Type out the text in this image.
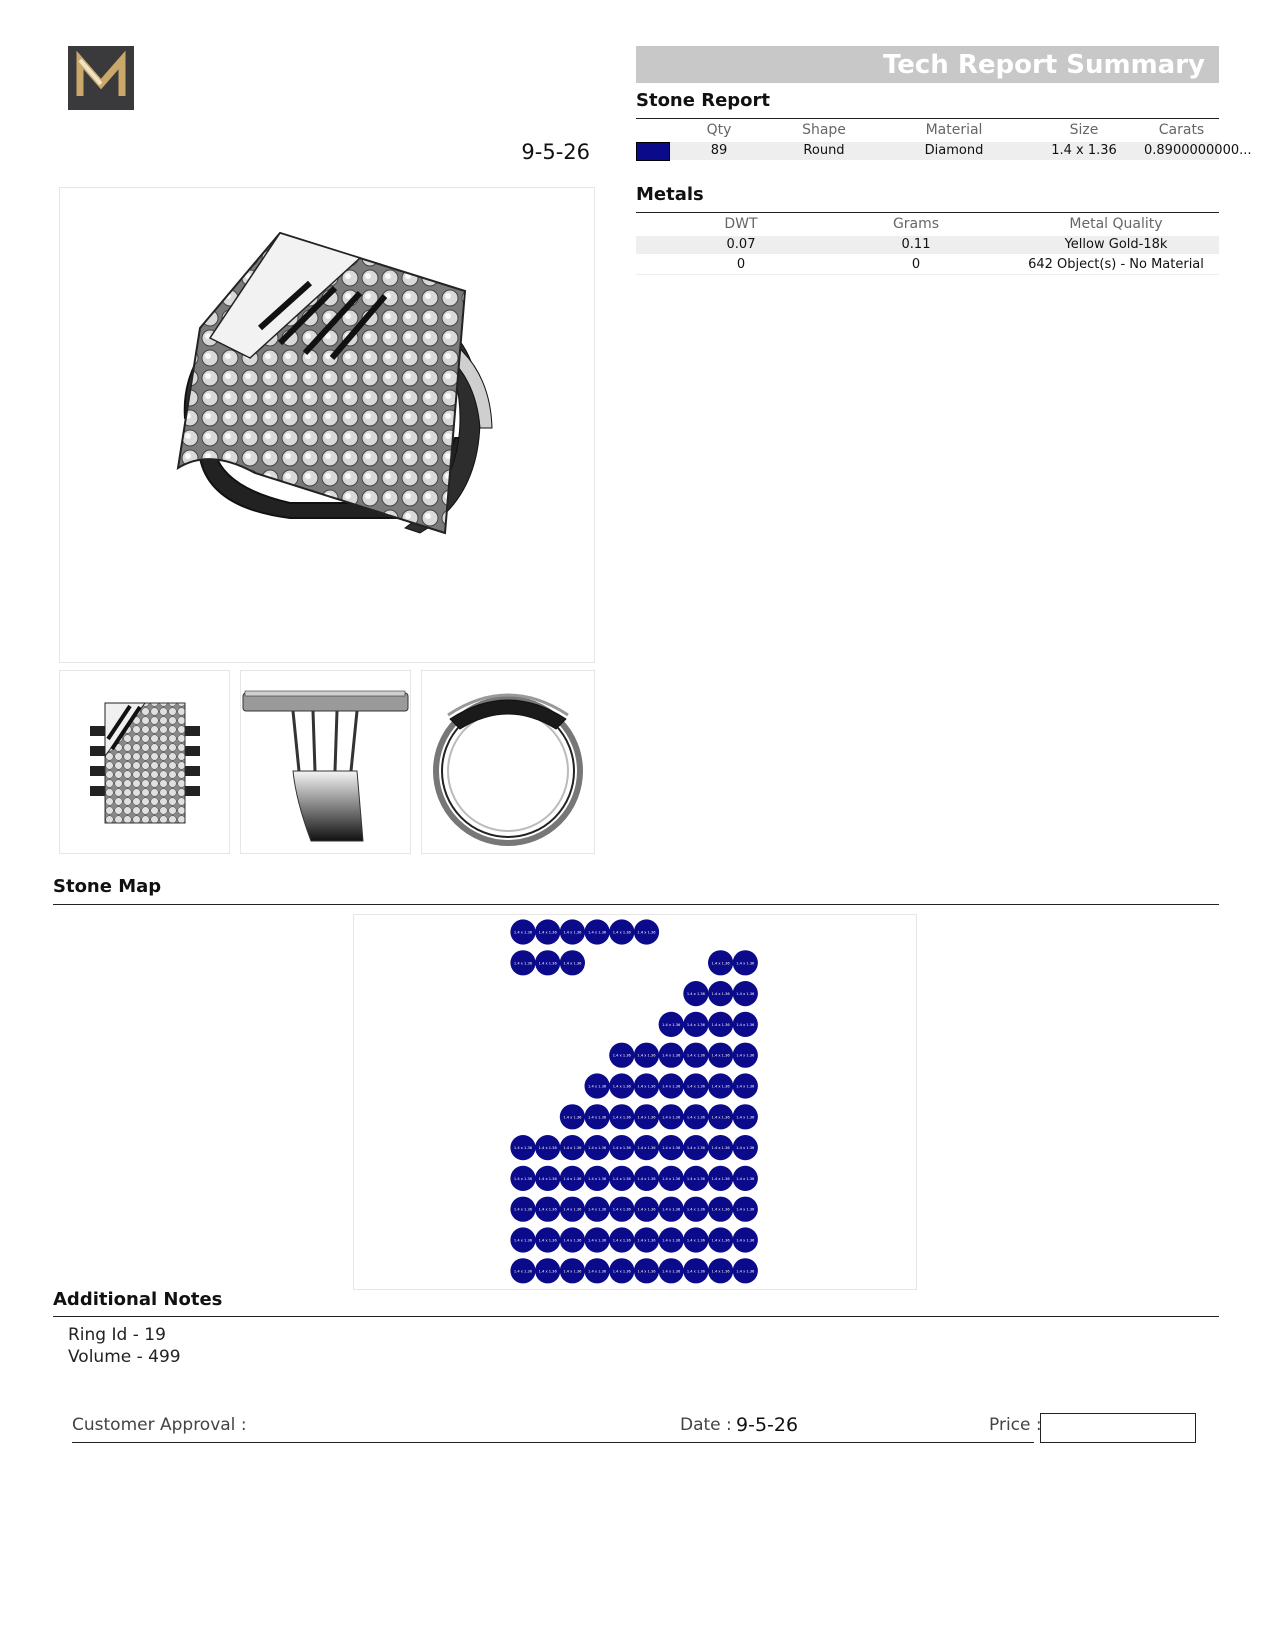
9-5-26
Tech Report Summary
Stone Report
Qty	Shape	Material	Size	Carats
89	Round	Diamond	1.4 x 1.36	0.8900000000...
Metals
DWT	Grams	Metal Quality
0.07	0.11	Yellow Gold-18k
0	0	642 Object(s) - No Material
Stone Map
1.4 x 1.36 1.4 x 1.36 1.4 x 1.36 1.4 x 1.36 1.4 x 1.36 1.4 x 1.36
1.4 x 1.36 1.4 x 1.36 1.4 x 1.36	1.4 x 1.36 1.4 x 1.36
1.4 x 1.36 1.4 x 1.36 1.4 x 1.36
1.4 x 1.36 1.4 x 1.36 1.4 x 1.36 1.4 x 1.36
1.4 x 1.36 1.4 x 1.36 1.4 x 1.36 1.4 x 1.36 1.4 x 1.36 1.4 x 1.36
1.4 x 1.36 1.4 x 1.36 1.4 x 1.36 1.4 x 1.36 1.4 x 1.36 1.4 x 1.36 1.4 x 1.36
1.4 x 1.36 1.4 x 1.36 1.4 x 1.36 1.4 x 1.36 1.4 x 1.36 1.4 x 1.36 1.4 x 1.36 1.4 x 1.36
1.4 x 1.36 1.4 x 1.36 1.4 x 1.36 1.4 x 1.36 1.4 x 1.36 1.4 x 1.36 1.4 x 1.36 1.4 x 1.36 1.4 x 1.36 1.4 x 1.36
1.4 x 1.36 1.4 x 1.36 1.4 x 1.36 1.4 x 1.36 1.4 x 1.36 1.4 x 1.36 1.4 x 1.36 1.4 x 1.36 1.4 x 1.36 1.4 x 1.36
1.4 x 1.36 1.4 x 1.36 1.4 x 1.36 1.4 x 1.36 1.4 x 1.36 1.4 x 1.36 1.4 x 1.36 1.4 x 1.36 1.4 x 1.36 1.4 x 1.36
1.4 x 1.36 1.4 x 1.36 1.4 x 1.36 1.4 x 1.36 1.4 x 1.36 1.4 x 1.36 1.4 x 1.36 1.4 x 1.36 1.4 x 1.36 1.4 x 1.36
1.4 x 1.36 1.4 x 1.36 1.4 x 1.36 1.4 x 1.36 1.4 x 1.36 1.4 x 1.36 1.4 x 1.36 1.4 x 1.36 1.4 x 1.36 1.4 x 1.36
Additional Notes
Ring Id - 19
Volume - 499
Customer Approval :	Date : 9-5-26	Price :
